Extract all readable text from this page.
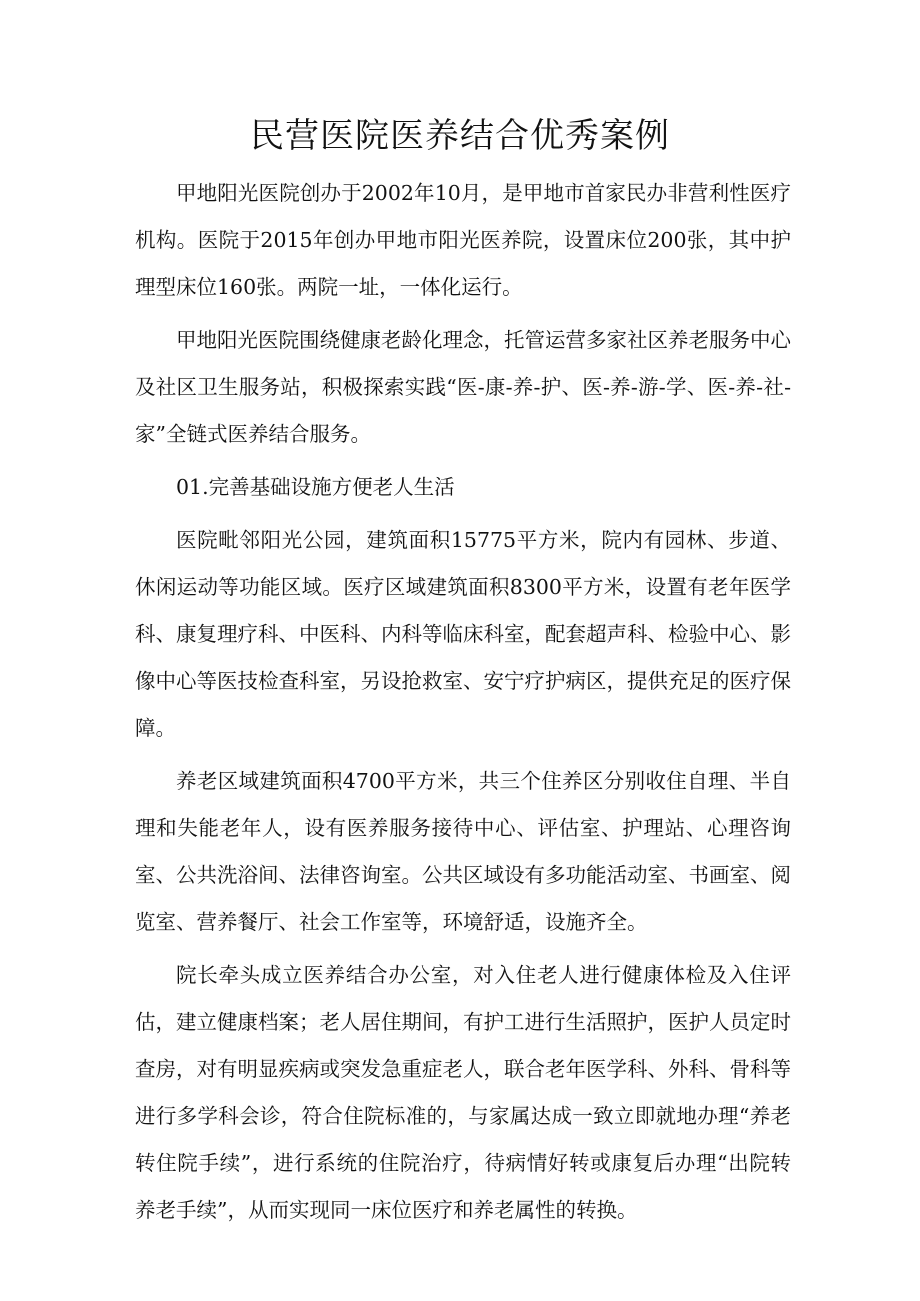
民营医院医养结合优秀案例

甲地阳光医院创办于2002年10月，是甲地市首家民办非营利性医疗机构。医院于2015年创办甲地市阳光医养院，设置床位200张，其中护理型床位160张。两院一址，一体化运行。

甲地阳光医院围绕健康老龄化理念，托管运营多家社区养老服务中心及社区卫生服务站，积极探索实践“医-康-养-护、医-养-游-学、医-养-社-家”全链式医养结合服务。

01.完善基础设施方便老人生活

医院毗邻阳光公园，建筑面积15775平方米，院内有园林、步道、休闲运动等功能区域。医疗区域建筑面积8300平方米，设置有老年医学科、康复理疗科、中医科、内科等临床科室，配套超声科、检验中心、影像中心等医技检查科室，另设抢救室、安宁疗护病区，提供充足的医疗保障。

养老区域建筑面积4700平方米，共三个住养区分别收住自理、半自理和失能老年人，设有医养服务接待中心、评估室、护理站、心理咨询室、公共洗浴间、法律咨询室。公共区域设有多功能活动室、书画室、阅览室、营养餐厅、社会工作室等，环境舒适，设施齐全。

院长牵头成立医养结合办公室，对入住老人进行健康体检及入住评估，建立健康档案；老人居住期间，有护工进行生活照护，医护人员定时查房，对有明显疾病或突发急重症老人，联合老年医学科、外科、骨科等进行多学科会诊，符合住院标准的，与家属达成一致立即就地办理“养老转住院手续”，进行系统的住院治疗，待病情好转或康复后办理“出院转养老手续”，从而实现同一床位医疗和养老属性的转换。
